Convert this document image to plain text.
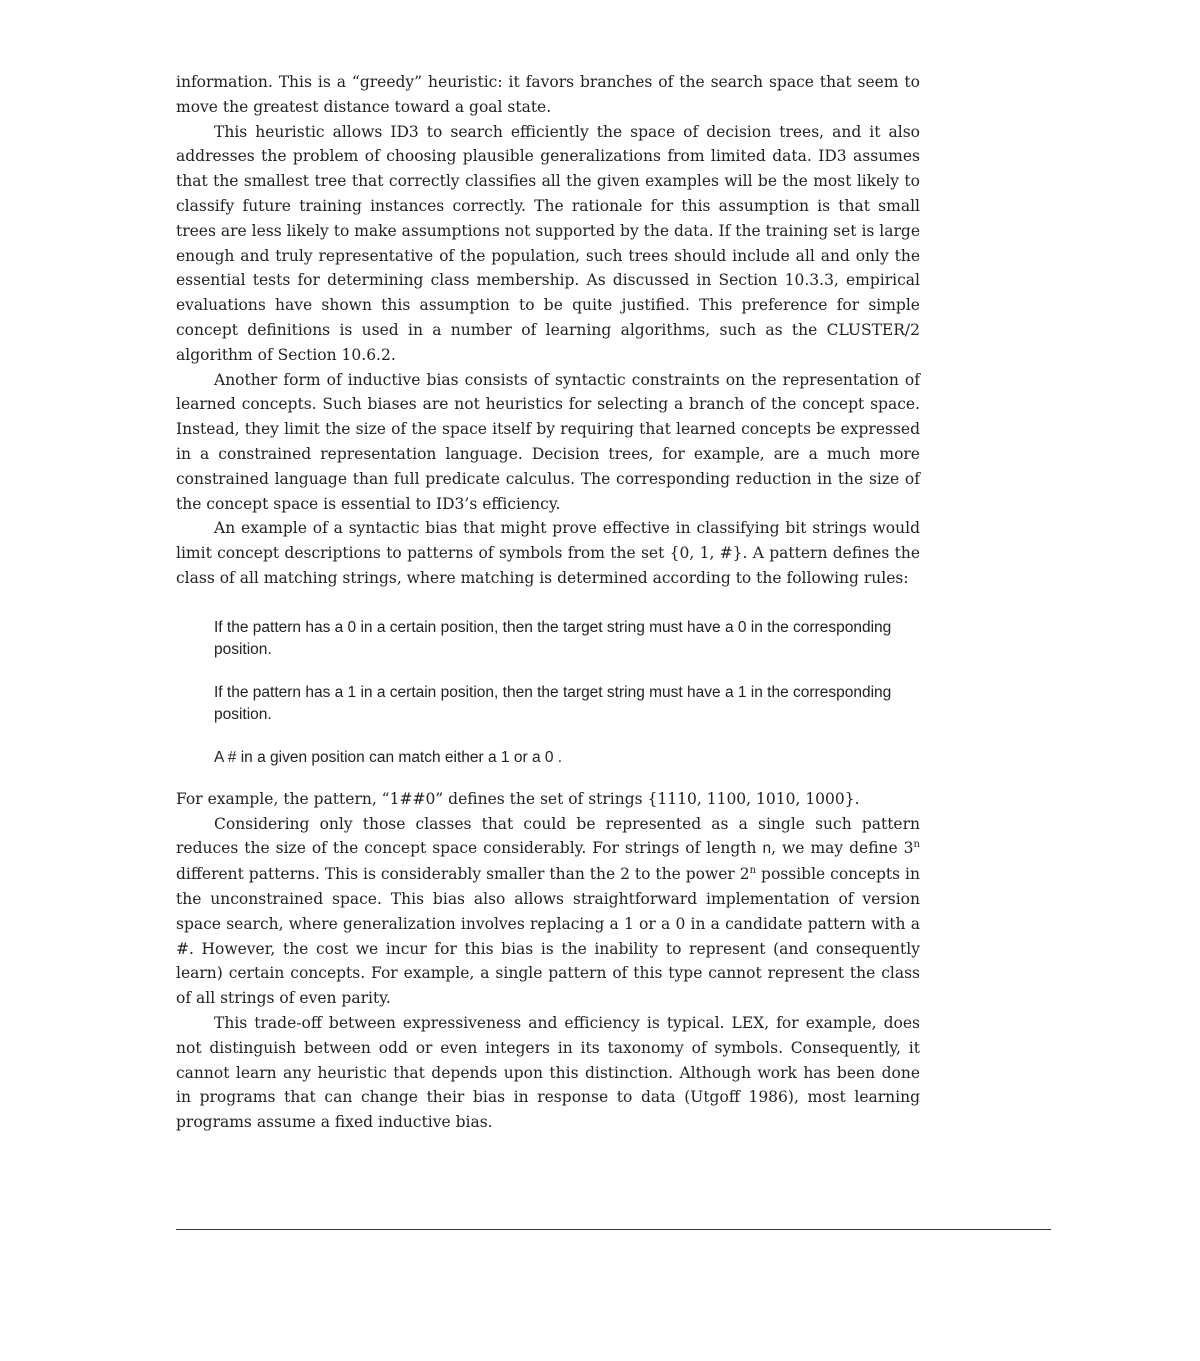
information. This is a “greedy” heuristic: it favors branches of the search space that seem to move the greatest distance toward a goal state.

This heuristic allows ID3 to search efficiently the space of decision trees, and it also addresses the problem of choosing plausible generalizations from limited data. ID3 assumes that the smallest tree that correctly classifies all the given examples will be the most likely to classify future training instances correctly. The rationale for this assumption is that small trees are less likely to make assumptions not supported by the data. If the training set is large enough and truly representative of the population, such trees should include all and only the essential tests for determining class membership. As discussed in Section 10.3.3, empirical evaluations have shown this assumption to be quite justified. This preference for simple concept definitions is used in a number of learning algorithms, such as the CLUSTER/2 algorithm of Section 10.6.2.

Another form of inductive bias consists of syntactic constraints on the representation of learned concepts. Such biases are not heuristics for selecting a branch of the concept space. Instead, they limit the size of the space itself by requiring that learned concepts be expressed in a constrained representation language. Decision trees, for example, are a much more constrained language than full predicate calculus. The corresponding reduction in the size of the concept space is essential to ID3’s efficiency.

An example of a syntactic bias that might prove effective in classifying bit strings would limit concept descriptions to patterns of symbols from the set {0, 1, #}. A pattern defines the class of all matching strings, where matching is determined according to the following rules:

If the pattern has a 0 in a certain position, then the target string must have a 0 in the corresponding position.
If the pattern has a 1 in a certain position, then the target string must have a 1 in the corresponding position.
A # in a given position can match either a 1 or a 0 .

For example, the pattern, “1##0” defines the set of strings {1110, 1100, 1010, 1000}.

Considering only those classes that could be represented as a single such pattern reduces the size of the concept space considerably. For strings of length n, we may define 3$^n$ different patterns. This is considerably smaller than the 2 to the power 2$^n$ possible concepts in the unconstrained space. This bias also allows straightforward implementation of version space search, where generalization involves replacing a 1 or a 0 in a candidate pattern with a #. However, the cost we incur for this bias is the inability to represent (and consequently learn) certain concepts. For example, a single pattern of this type cannot represent the class of all strings of even parity.

This trade-off between expressiveness and efficiency is typical. LEX, for example, does not distinguish between odd or even integers in its taxonomy of symbols. Consequently, it cannot learn any heuristic that depends upon this distinction. Although work has been done in programs that can change their bias in response to data (Utgoff 1986), most learning programs assume a fixed inductive bias.
